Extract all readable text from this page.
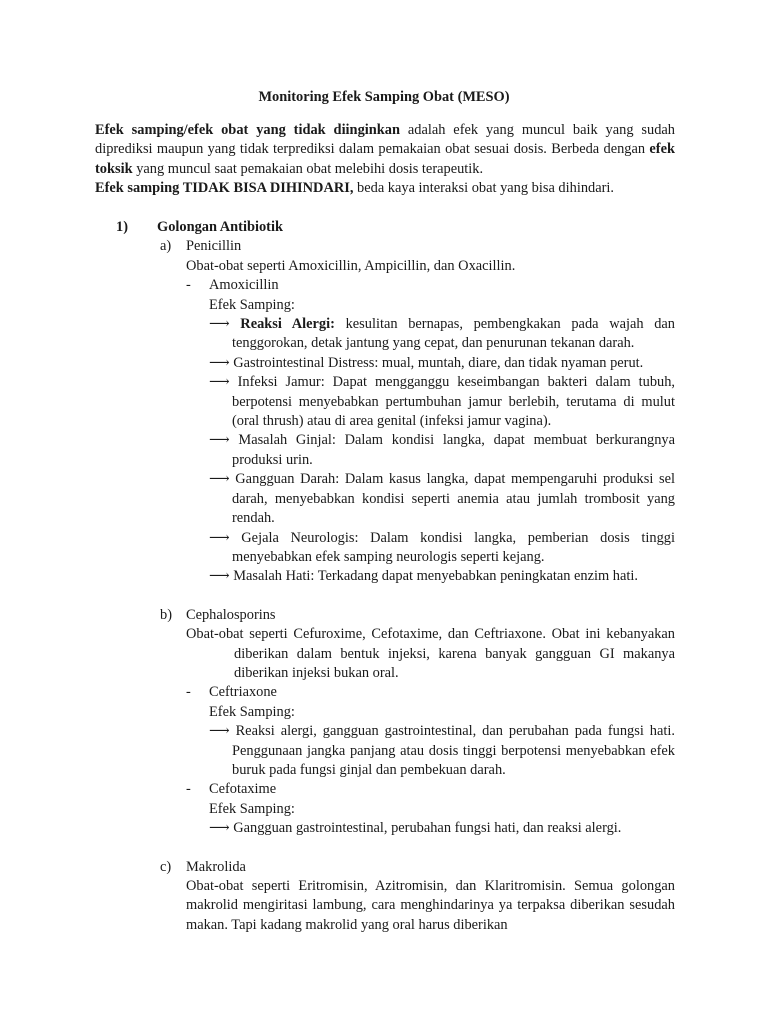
Monitoring Efek Samping Obat (MESO)

Efek samping/efek obat yang tidak diinginkan adalah efek yang muncul baik yang sudah diprediksi maupun yang tidak terprediksi dalam pemakaian obat sesuai dosis. Berbeda dengan efek toksik yang muncul saat pemakaian obat melebihi dosis terapeutik.

Efek samping TIDAK BISA DIHINDARI, beda kaya interaksi obat yang bisa dihindari.

1)	Golongan Antibiotik
a)	Penicillin
Obat-obat seperti Amoxicillin, Ampicillin, dan Oxacillin.
-	Amoxicillin
Efek Samping:
⟶ Reaksi Alergi: kesulitan bernapas, pembengkakan pada wajah dan tenggorokan, detak jantung yang cepat, dan penurunan tekanan darah.
⟶ Gastrointestinal Distress: mual, muntah, diare, dan tidak nyaman perut.
⟶ Infeksi Jamur: Dapat mengganggu keseimbangan bakteri dalam tubuh, berpotensi menyebabkan pertumbuhan jamur berlebih, terutama di mulut (oral thrush) atau di area genital (infeksi jamur vagina).
⟶ Masalah Ginjal: Dalam kondisi langka, dapat membuat berkurangnya produksi urin.
⟶ Gangguan Darah: Dalam kasus langka, dapat mempengaruhi produksi sel darah, menyebabkan kondisi seperti anemia atau jumlah trombosit yang rendah.
⟶ Gejala Neurologis: Dalam kondisi langka, pemberian dosis tinggi menyebabkan efek samping neurologis seperti kejang.
⟶ Masalah Hati: Terkadang dapat menyebabkan peningkatan enzim hati.
b) Cephalosporins
Obat-obat seperti Cefuroxime, Cefotaxime, dan Ceftriaxone. Obat ini kebanyakan diberikan dalam bentuk injeksi, karena banyak gangguan GI makanya diberikan injeksi bukan oral.
-	Ceftriaxone
Efek Samping:
⟶ Reaksi alergi, gangguan gastrointestinal, dan perubahan pada fungsi hati. Penggunaan jangka panjang atau dosis tinggi berpotensi menyebabkan efek buruk pada fungsi ginjal dan pembekuan darah.
-	Cefotaxime
Efek Samping:
⟶ Gangguan gastrointestinal, perubahan fungsi hati, dan reaksi alergi.
c)	Makrolida
Obat-obat seperti Eritromisin, Azitromisin, dan Klaritromisin. Semua golongan makrolid mengiritasi lambung, cara menghindarinya ya terpaksa diberikan sesudah makan. Tapi kadang makrolid yang oral harus diberikan
